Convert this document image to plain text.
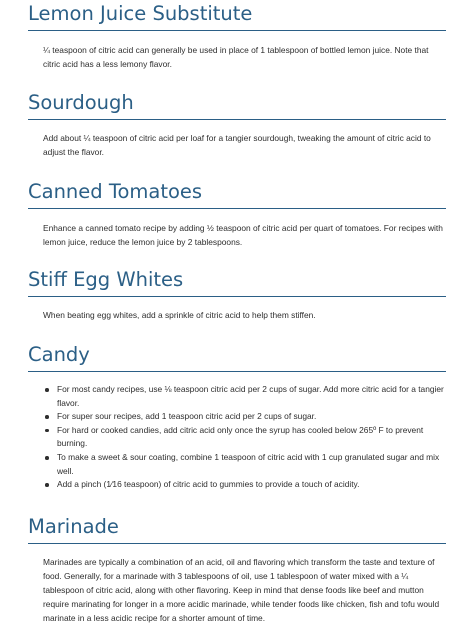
Lemon Juice Substitute

¼ teaspoon of citric acid can generally be used in place of 1 tablespoon of bottled lemon juice. Note that citric acid has a less lemony flavor.

Sourdough

Add about ¼ teaspoon of citric acid per loaf for a tangier sourdough, tweaking the amount of citric acid to adjust the flavor.

Canned Tomatoes

Enhance a canned tomato recipe by adding ½ teaspoon of citric acid per quart of tomatoes. For recipes with lemon juice, reduce the lemon juice by 2 tablespoons.

Stiff Egg Whites

When beating egg whites, add a sprinkle of citric acid to help them stiffen.

Candy
For most candy recipes, use ⅛ teaspoon citric acid per 2 cups of sugar. Add more citric acid for a tangier flavor.
For super sour recipes, add 1 teaspoon citric acid per 2 cups of sugar.
For hard or cooked candies, add citric acid only once the syrup has cooled below 265º F to prevent burning.
To make a sweet & sour coating, combine 1 teaspoon of citric acid with 1 cup granulated sugar and mix well.
Add a pinch (1⁄16 teaspoon) of citric acid to gummies to provide a touch of acidity.
Marinade

Marinades are typically a combination of an acid, oil and flavoring which transform the taste and texture of food. Generally, for a marinade with 3 tablespoons of oil, use 1 tablespoon of water mixed with a ¼ tablespoon of citric acid, along with other flavoring. Keep in mind that dense foods like beef and mutton require marinating for longer in a more acidic marinade, while tender foods like chicken, fish and tofu would marinate in a less acidic recipe for a shorter amount of time.
